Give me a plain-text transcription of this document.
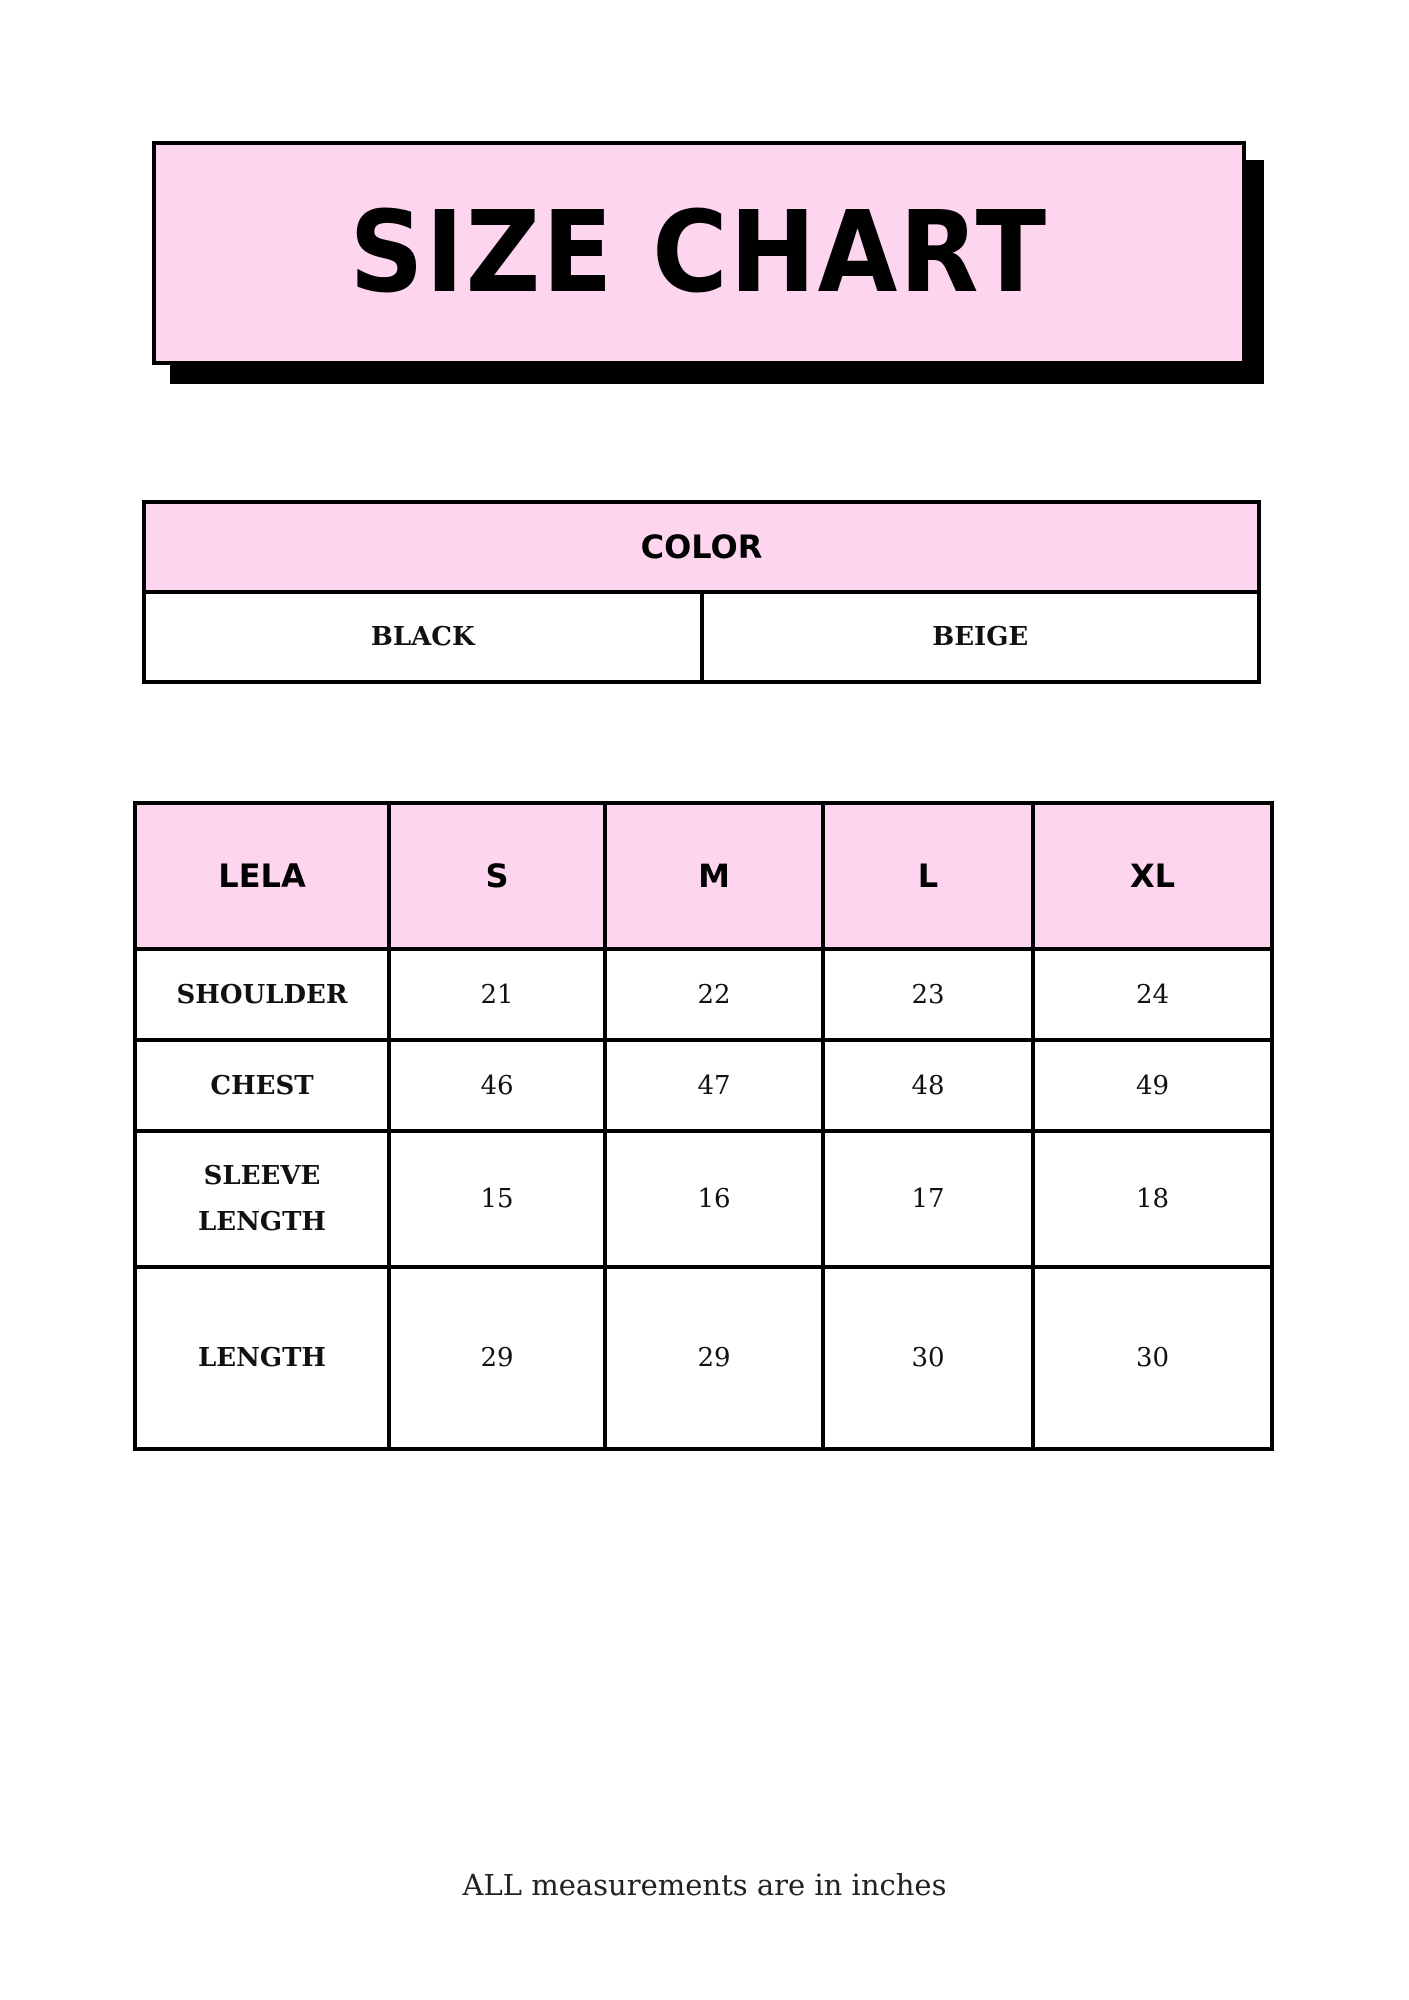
SIZE CHART
COLOR
BLACK	BEIGE
LELA	S	M	L	XL

SHOULDER	21	22	23	24

CHEST	46	47	48	49

SLEEVE
LENGTH	15	16	17	18

LENGTH	29	29	30	30
ALL measurements are in inches
